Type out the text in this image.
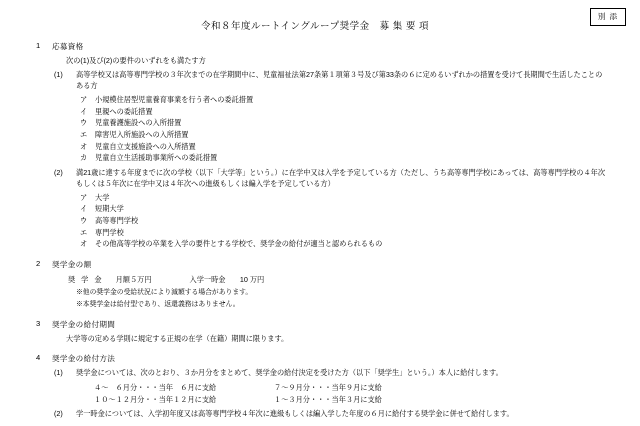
別 添
令和８年度ルートイングループ奨学金　募 集 要 項
1	応募資格
次の(1)及び(2)の要件のいずれをも満たす方
(1)	高等学校又は高等専門学校の３年次までの在学期間中に、児童福祉法第27条第１項第３号及び第33条の６に定めるいずれかの措置を受けて長期間で生活したことのある方
ア	小規模住居型児童養育事業を行う者への委託措置
イ	里親への委託措置
ウ	児童養護施設への入所措置
エ	障害児入所施設への入所措置
オ	児童自立支援施設への入所措置
カ	児童自立生活援助事業所への委託措置
(2)	満21歳に達する年度までに次の学校（以下「大学等」という。）に在学中又は入学を予定している方（ただし、うち高等専門学校にあっては、高等専門学校の４年次もしくは５年次に在学中又は４年次への進級もしくは編入学を予定している方）
ア	大学
イ	短期大学
ウ	高等専門学校
エ	専門学校
オ	その他高等学校の卒業を入学の要件とする学校で、奨学金の給付が適当と認められるもの
2	奨学金の額
奨 学 金 月額５万円	入学一時金　　10 万円
※他の奨学金の受給状況により減額する場合があります。
※本奨学金は給付型であり、返還義務はありません。
3	奨学金の給付期間
大学等の定める学則に規定する正規の在学（在籍）期間に限ります。
4	奨学金の給付方法
(1)	奨学金については、次のとおり、３か月分をまとめて、奨学金の給付決定を受けた方（以下「奨学生」という。）本人に給付します。
４～　６月分・・・当年　６月に支給	７～９月分・・・当年９月に支給
１０～１２月分・・当年１２月に支給	１～３月分・・・当年３月に支給
(2)	学一時金については、入学初年度又は高等専門学校４年次に進級もしくは編入学した年度の６月に給付する奨学金に併せて給付します。
